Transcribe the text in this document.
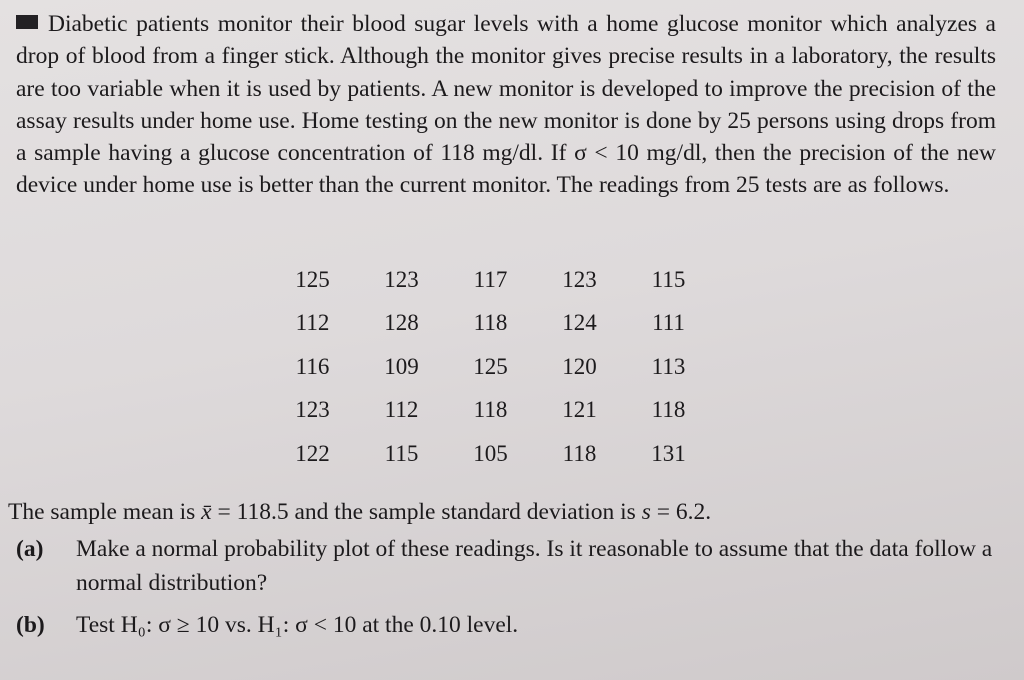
Diabetic patients monitor their blood sugar levels with a home glucose monitor which analyzes a drop of blood from a finger stick. Although the monitor gives precise results in a laboratory, the results are too variable when it is used by patients. A new monitor is developed to improve the precision of the assay results under home use. Home testing on the new monitor is done by 25 persons using drops from a sample having a glucose concentration of 118 mg/dl. If σ < 10 mg/dl, then the precision of the new device under home use is better than the current monitor. The readings from 25 tests are as follows.

125	123	117	123	115
112	128	118	124	111
116	109	125	120	113
123	112	118	121	118
122	115	105	118	131

The sample mean is x̄ = 118.5 and the sample standard deviation is s = 6.2.

(a) Make a normal probability plot of these readings. Is it reasonable to assume that the data follow a normal distribution?
(b) Test H₀: σ ≥ 10 vs. H₁: σ < 10 at the 0.10 level.
